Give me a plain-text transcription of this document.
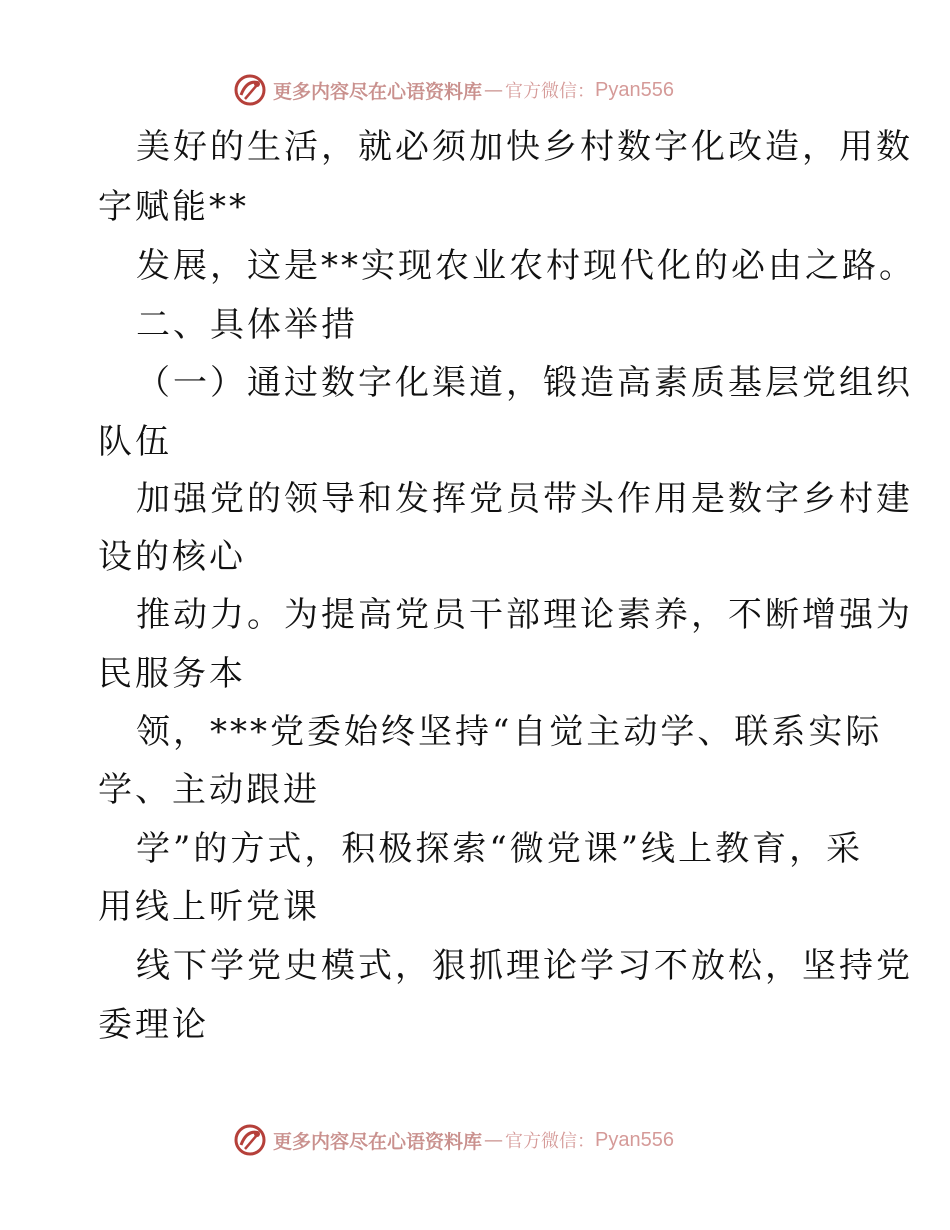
更多内容尽在心语资料库 — 官方微信： Pyan556
美好的生活，就必须加快乡村数字化改造，用数
字赋能**
发展，这是**实现农业农村现代化的必由之路。
二、具体举措
（一）通过数字化渠道，锻造高素质基层党组织
队伍
加强党的领导和发挥党员带头作用是数字乡村建
设的核心
推动力。为提高党员干部理论素养，不断增强为
民服务本
领，***党委始终坚持“自觉主动学、联系实际
学、主动跟进
学”的方式，积极探索“微党课”线上教育，采
用线上听党课
线下学党史模式，狠抓理论学习不放松，坚持党
委理论
更多内容尽在心语资料库 — 官方微信： Pyan556
